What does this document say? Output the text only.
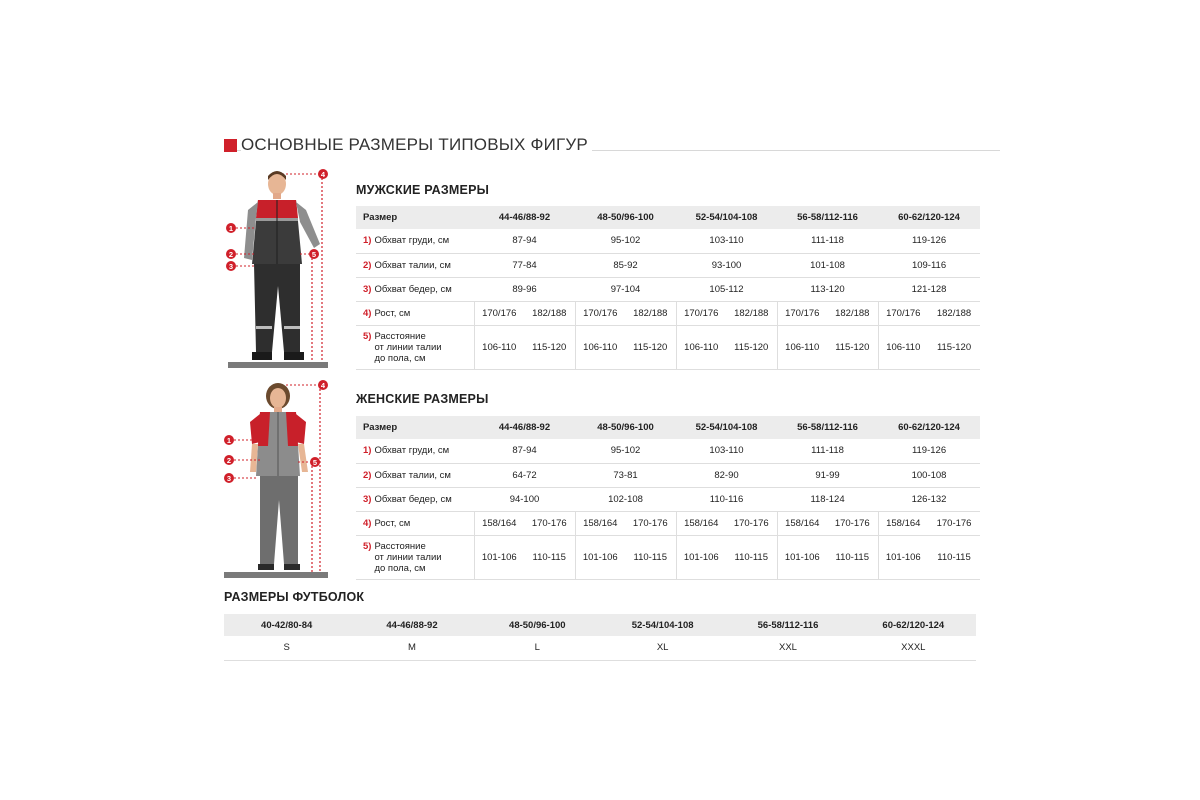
ОСНОВНЫЕ РАЗМЕРЫ ТИПОВЫХ ФИГУР
1
2
3
4
5
1
2
3
4
5
МУЖСКИЕ РАЗМЕРЫ
Размер	44-46/88-92		48-50/96-100		52-54/104-108		56-58/112-116		60-62/120-124	
1) Обхват груди, см	87-94		95-102		103-110		111-118		119-126	
2) Обхват талии, см	77-84		85-92		93-100		101-108		109-116	
3) Обхват бедер, см	89-96		97-104		105-112		113-120		121-128	
4) Рост, см	170/176	182/188	170/176	182/188	170/176	182/188	170/176	182/188	170/176	182/188
5) Расстояние
от линии талии
до пола, см	106-110	115-120	106-110	115-120	106-110	115-120	106-110	115-120	106-110	115-120
ЖЕНСКИЕ РАЗМЕРЫ
Размер	44-46/88-92		48-50/96-100		52-54/104-108		56-58/112-116		60-62/120-124	
1) Обхват груди, см	87-94		95-102		103-110		111-118		119-126	
2) Обхват талии, см	64-72		73-81		82-90		91-99		100-108	
3) Обхват бедер, см	94-100		102-108		110-116		118-124		126-132	
4) Рост, см	158/164	170-176	158/164	170-176	158/164	170-176	158/164	170-176	158/164	170-176
5) Расстояние
от линии талии
до пола, см	101-106	110-115	101-106	110-115	101-106	110-115	101-106	110-115	101-106	110-115
РАЗМЕРЫ ФУТБОЛОК
40-42/80-84	44-46/88-92	48-50/96-100	52-54/104-108	56-58/112-116	60-62/120-124
S	M	L	XL	XXL	XXXL
